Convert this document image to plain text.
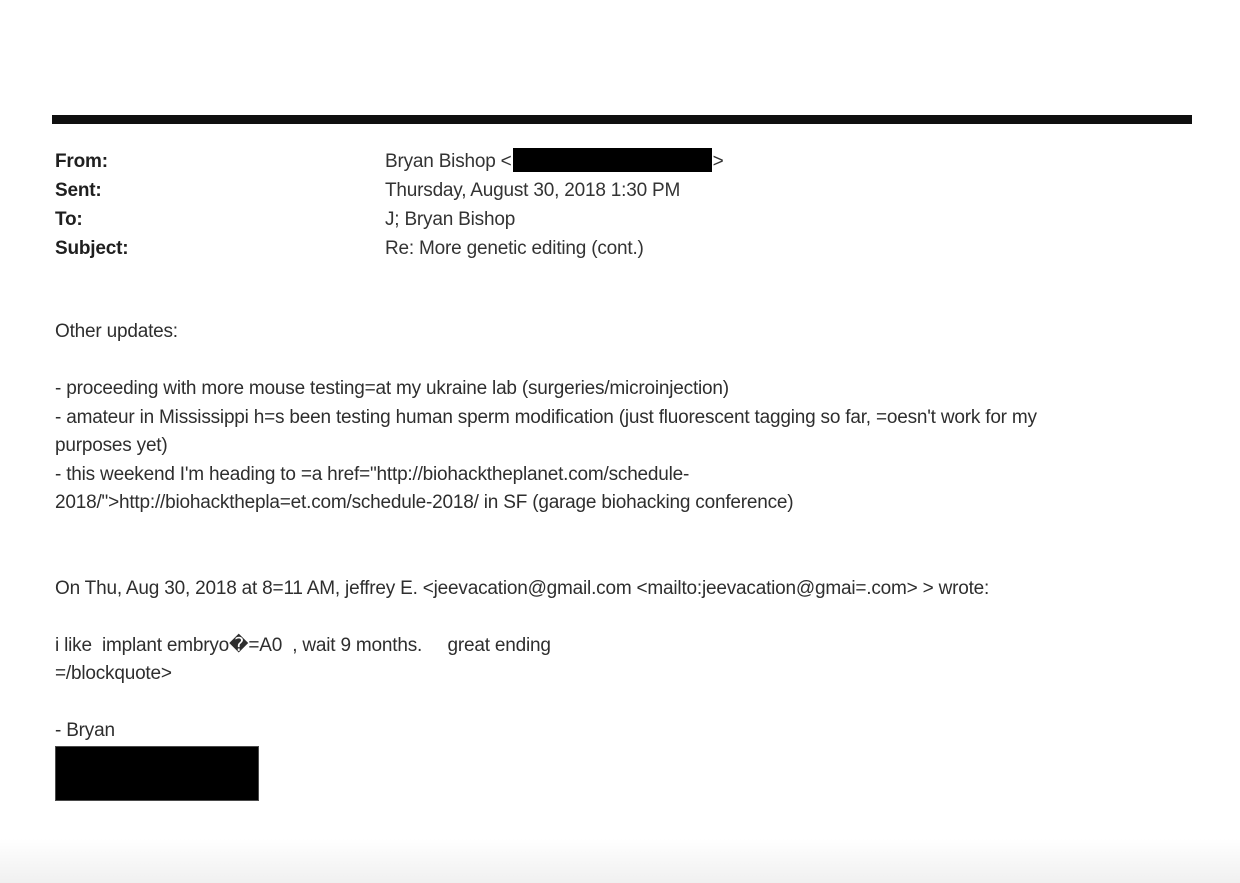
From:	Bryan Bishop <	>
Sent:	Thursday, August 30, 2018 1:30 PM
To:	J; Bryan Bishop
Subject:	Re: More genetic editing (cont.)
Other updates:
- proceeding with more mouse testing=at my ukraine lab (surgeries/microinjection)
- amateur in Mississippi h=s been testing human sperm modification (just fluorescent tagging so far, =oesn't work for my
purposes yet)
- this weekend I'm heading to =a href="http://biohacktheplanet.com/schedule-
2018/">http://biohackthepla=et.com/schedule-2018/ in SF (garage biohacking conference)
On Thu, Aug 30, 2018 at 8=11 AM, jeffrey E. <jeevacation@gmail.com <mailto:jeevacation@gmai=.com> > wrote:
i like  implant embryo�=A0  , wait 9 months.     great ending
=/blockquote>
- Bryan
